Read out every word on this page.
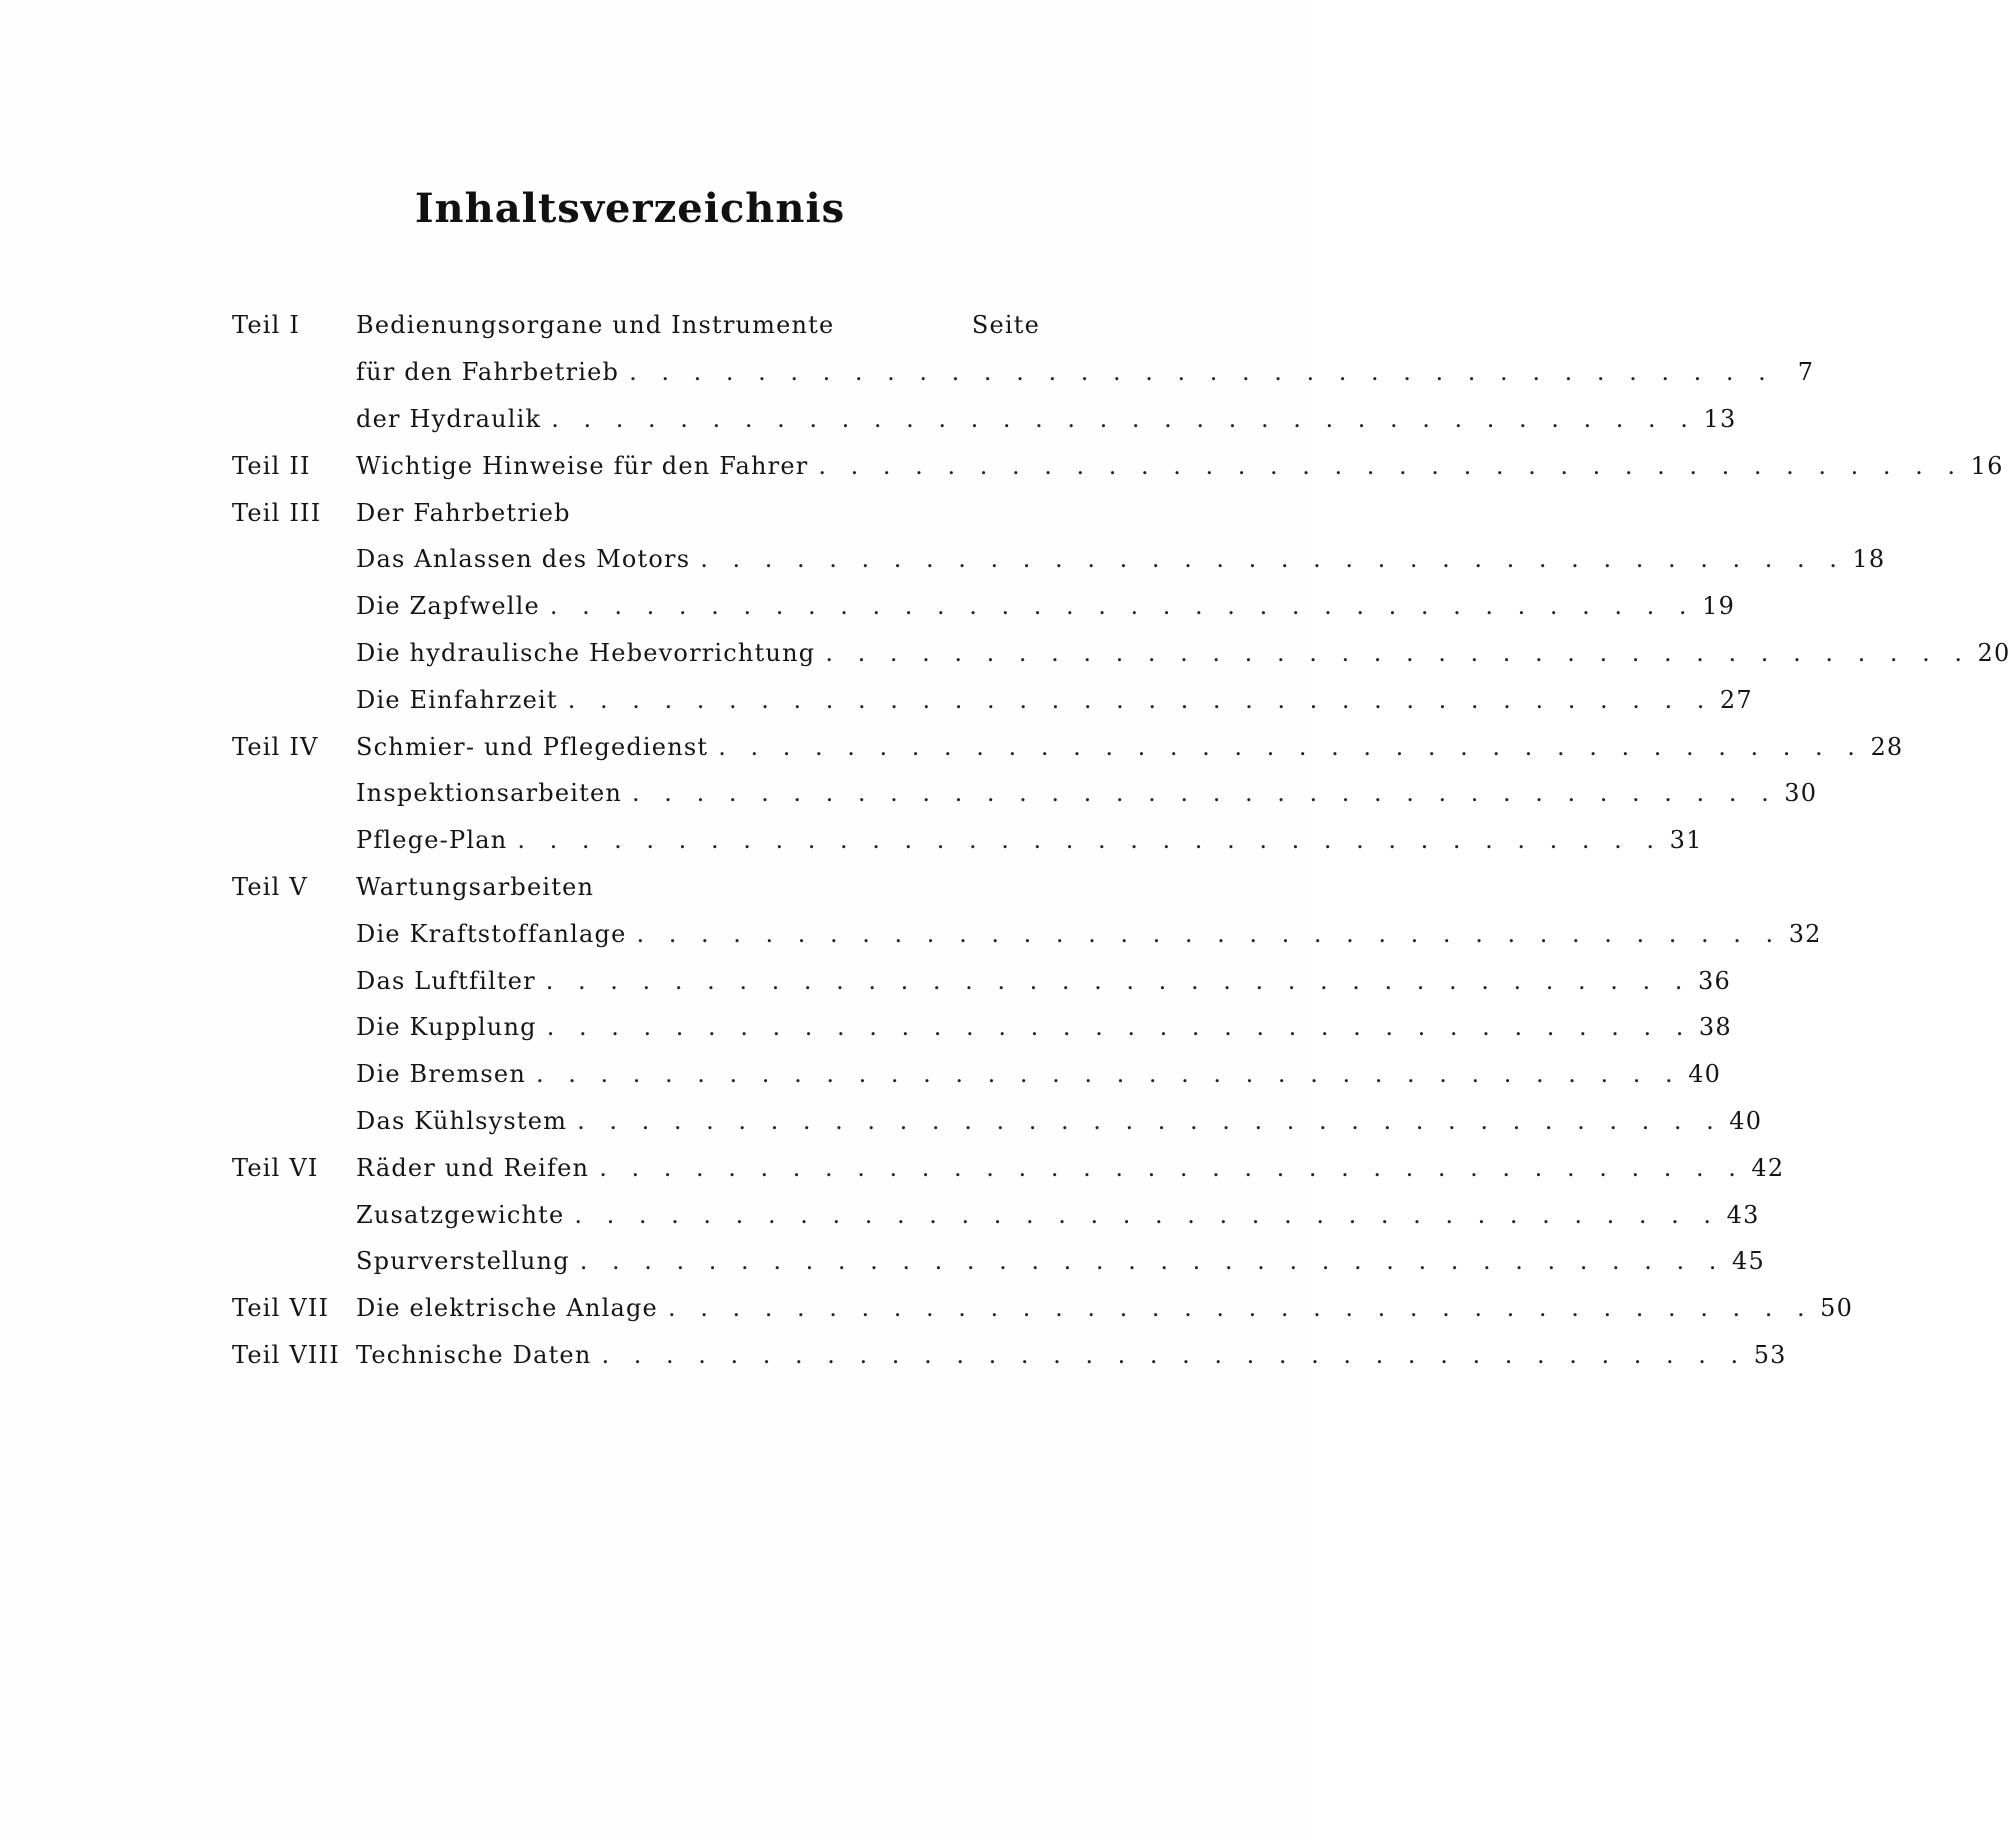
Inhaltsverzeichnis
Teil I	Bedienungsorgane und Instrumente	Seite
für den Fahrbetrieb . . . . . . . . . . . . . . . . . . . . . . . . . . . . . . . . . . . . 7
der Hydraulik . . . . . . . . . . . . . . . . . . . . . . . . . . . . . . . . . . . . 13
Teil II	Wichtige Hinweise für den Fahrer . . . . . . . . . . . . . . . . . . . . . . . . . . . . . . . . . . . . 16
Teil III	Der Fahrbetrieb
Das Anlassen des Motors . . . . . . . . . . . . . . . . . . . . . . . . . . . . . . . . . . . . 18
Die Zapfwelle . . . . . . . . . . . . . . . . . . . . . . . . . . . . . . . . . . . . 19
Die hydraulische Hebevorrichtung . . . . . . . . . . . . . . . . . . . . . . . . . . . . . . . . . . . . 20
Die Einfahrzeit . . . . . . . . . . . . . . . . . . . . . . . . . . . . . . . . . . . . 27
Teil IV	Schmier- und Pflegedienst . . . . . . . . . . . . . . . . . . . . . . . . . . . . . . . . . . . . 28
Inspektionsarbeiten . . . . . . . . . . . . . . . . . . . . . . . . . . . . . . . . . . . . 30
Pflege-Plan . . . . . . . . . . . . . . . . . . . . . . . . . . . . . . . . . . . . 31
Teil V	Wartungsarbeiten
Die Kraftstoffanlage . . . . . . . . . . . . . . . . . . . . . . . . . . . . . . . . . . . . 32
Das Luftfilter . . . . . . . . . . . . . . . . . . . . . . . . . . . . . . . . . . . . 36
Die Kupplung . . . . . . . . . . . . . . . . . . . . . . . . . . . . . . . . . . . . 38
Die Bremsen . . . . . . . . . . . . . . . . . . . . . . . . . . . . . . . . . . . . 40
Das Kühlsystem . . . . . . . . . . . . . . . . . . . . . . . . . . . . . . . . . . . . 40
Teil VI	Räder und Reifen . . . . . . . . . . . . . . . . . . . . . . . . . . . . . . . . . . . . 42
Zusatzgewichte . . . . . . . . . . . . . . . . . . . . . . . . . . . . . . . . . . . . 43
Spurverstellung . . . . . . . . . . . . . . . . . . . . . . . . . . . . . . . . . . . . 45
Teil VII	Die elektrische Anlage . . . . . . . . . . . . . . . . . . . . . . . . . . . . . . . . . . . . 50
Teil VIII Technische Daten . . . . . . . . . . . . . . . . . . . . . . . . . . . . . . . . . . . . 53
